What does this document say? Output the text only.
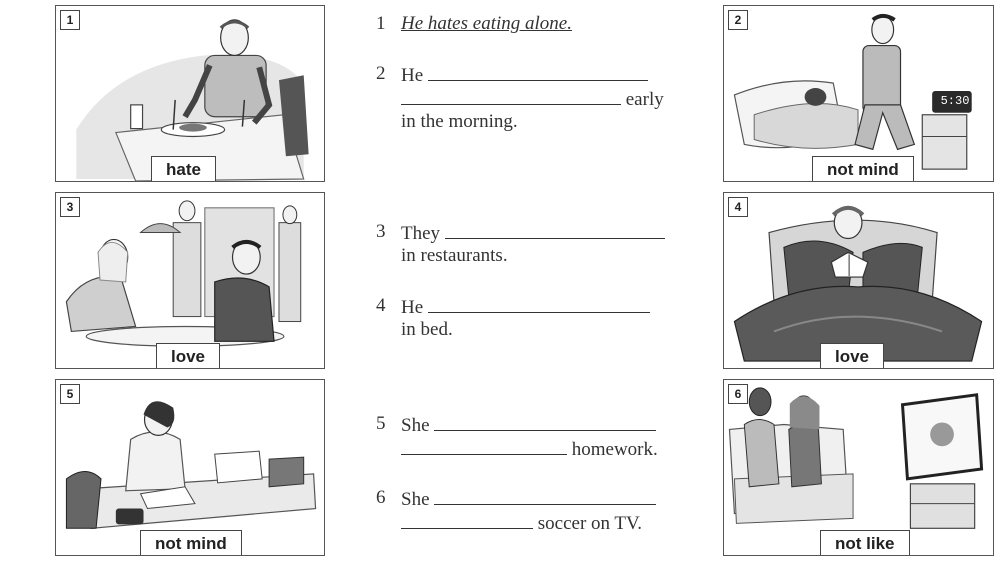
1
hate
5:30
2
not mind
3
love
4
love
5
not mind
6
not like
1 He hates eating alone.
2 He
early
in the morning.
3 They
in restaurants.
4 He
in bed.
5 She
homework.
6 She
soccer on TV.
